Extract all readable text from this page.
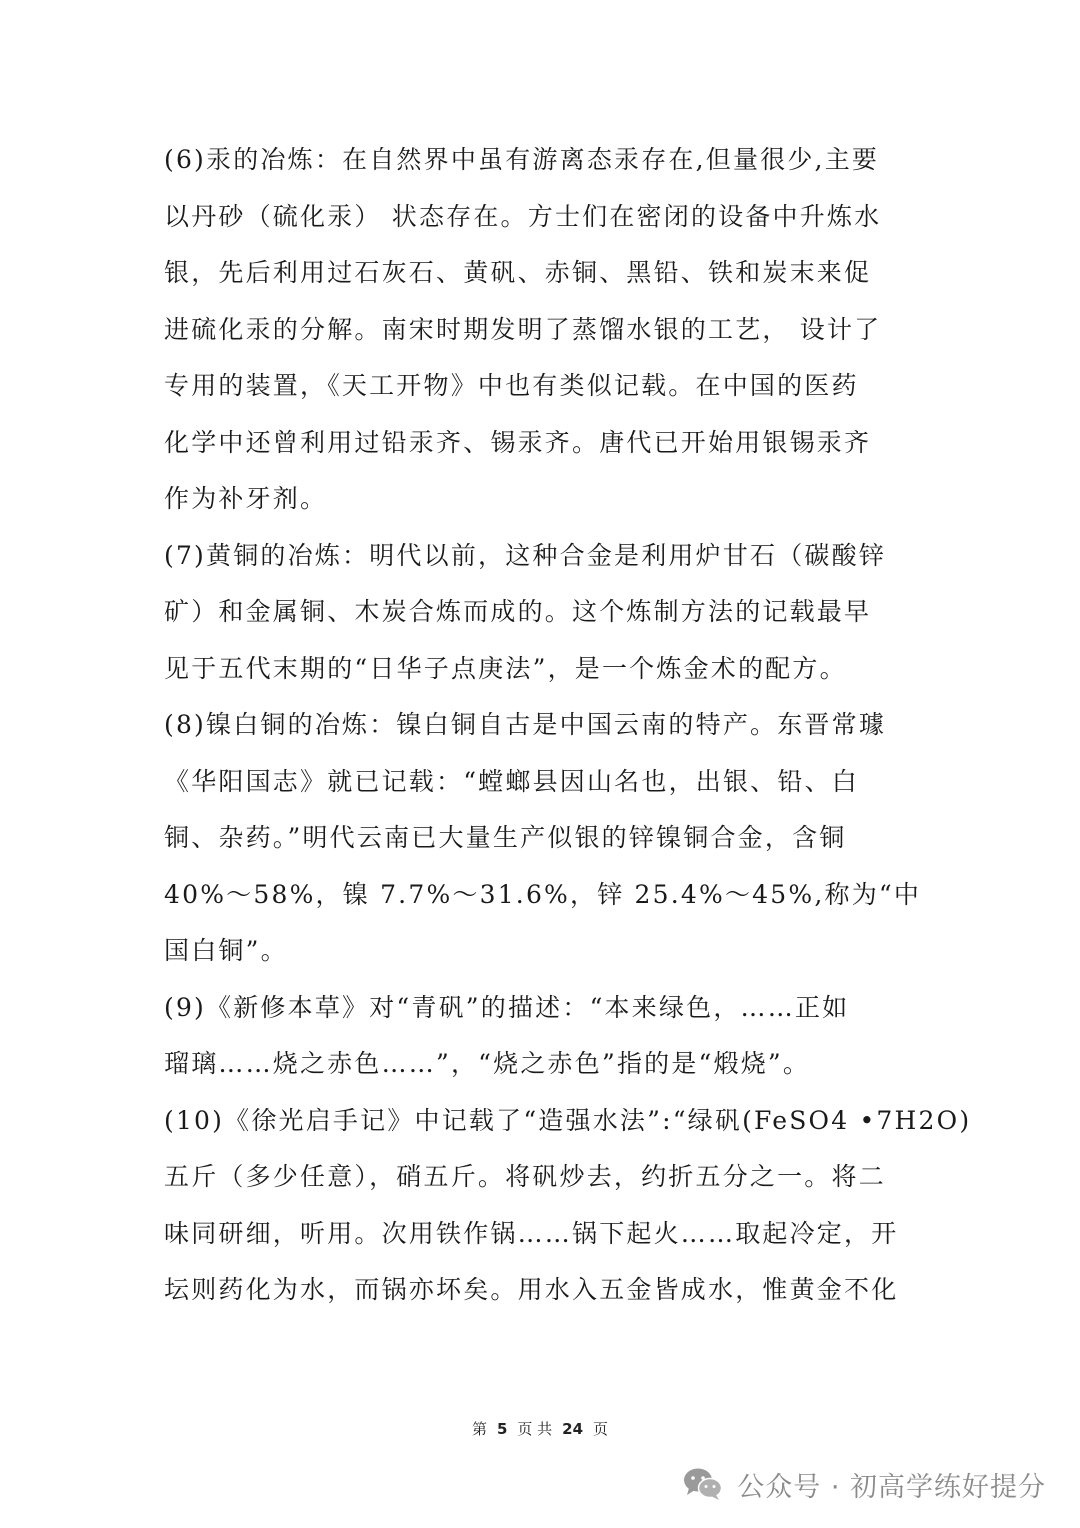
(6)汞的冶炼：在自然界中虽有游离态汞存在,但量很少,主要
以丹砂（硫化汞） 状态存在。方士们在密闭的设备中升炼水
银，先后利用过石灰石、黄矾、赤铜、黑铅、铁和炭末来促
进硫化汞的分解。南宋时期发明了蒸馏水银的工艺， 设计了
专用的装置，《天工开物》中也有类似记载。在中国的医药
化学中还曾利用过铅汞齐、锡汞齐。唐代已开始用银锡汞齐
作为补牙剂。
(7)黄铜的冶炼：明代以前，这种合金是利用炉甘石（碳酸锌
矿）和金属铜、木炭合炼而成的。这个炼制方法的记载最早
见于五代末期的“日华子点庚法”，是一个炼金术的配方。
(8)镍白铜的冶炼：镍白铜自古是中国云南的特产。东晋常璩
《华阳国志》就已记载：“螳螂县因山名也，出银、铅、白
铜、杂药。”明代云南已大量生产似银的锌镍铜合金，含铜
40%～58%，镍 7.7%～31.6%，锌 25.4%～45%,称为“中
国白铜”。
(9)《新修本草》对“青矾”的描述：“本来绿色，……正如
瑠璃……烧之赤色……”，“烧之赤色”指的是“煅烧”。
(10)《徐光启手记》中记载了“造强水法”:“绿矾(FeSO4 •7H2O)
五斤（多少任意），硝五斤。将矾炒去，约折五分之一。将二
味同研细，听用。次用铁作锅……锅下起火……取起冷定，开
坛则药化为水，而锅亦坏矣。用水入五金皆成水，惟黄金不化
第 5 页 共 24 页
公众号 · 初高学练好提分
